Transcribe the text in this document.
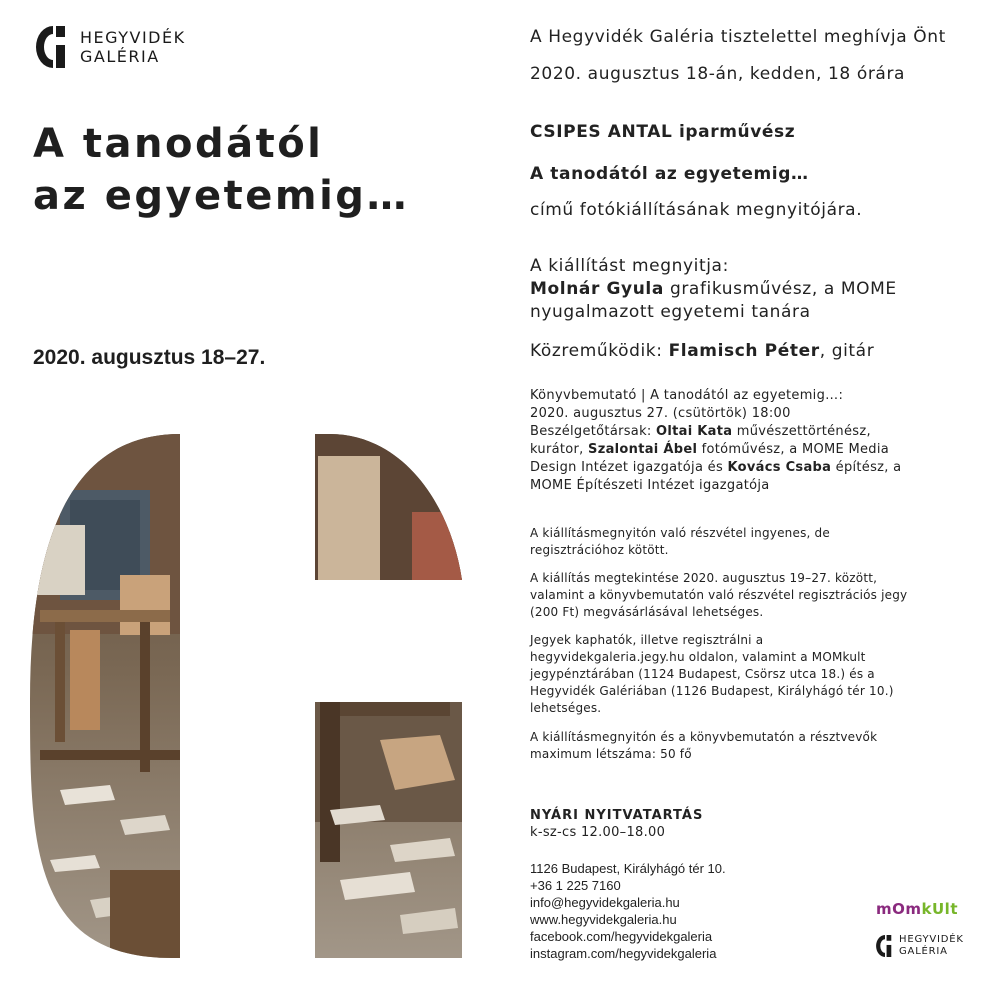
HEGYVIDÉK
GALÉRIA
A tanodától
az egyetemig…
2020. augusztus 18–27.
A Hegyvidék Galéria tisztelettel meghívja Önt
2020. augusztus 18-án, kedden, 18 órára
CSIPES ANTAL iparművész
A tanodától az egyetemig…
című fotókiállításának megnyitójára.
A kiállítást megnyitja:
Molnár Gyula grafikusművész, a MOME
nyugalmazott egyetemi tanára
Közreműködik: Flamisch Péter, gitár
Könyvbemutató | A tanodától az egyetemig…:
2020. augusztus 27. (csütörtök) 18:00
Beszélgetőtársak: Oltai Kata művészettörténész,
kurátor, Szalontai Ábel fotóművész, a MOME Media
Design Intézet igazgatója és Kovács Csaba építész, a
MOME Építészeti Intézet igazgatója
A kiállításmegnyitón való részvétel ingyenes, de
regisztrációhoz kötött.
A kiállítás megtekintése 2020. augusztus 19–27. között,
valamint a könyvbemutatón való részvétel regisztrációs jegy
(200 Ft) megvásárlásával lehetséges.
Jegyek kaphatók, illetve regisztrálni a
hegyvidekgaleria.jegy.hu oldalon, valamint a MOMkult
jegypénztárában (1124 Budapest, Csörsz utca 18.) és a
Hegyvidék Galériában (1126 Budapest, Királyhágó tér 10.)
lehetséges.
A kiállításmegnyitón és a könyvbemutatón a résztvevők
maximum létszáma: 50 fő
NYÁRI NYITVATARTÁS
k-sz-cs 12.00–18.00
1126 Budapest, Királyhágó tér 10.
+36 1 225 7160
info@hegyvidekgaleria.hu
www.hegyvidekgaleria.hu
facebook.com/hegyvidekgaleria
instagram.com/hegyvidekgaleria
mOmkUlt
HEGYVIDÉK
GALÉRIA
